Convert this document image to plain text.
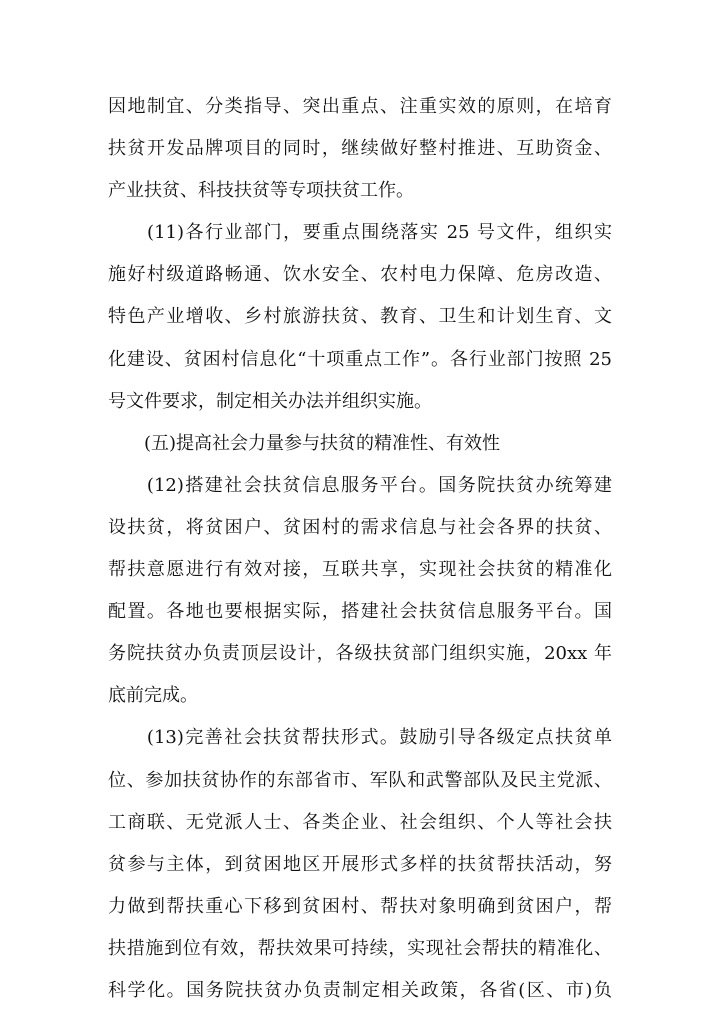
因地制宜、分类指导、突出重点、注重实效的原则，在培育
扶贫开发品牌项目的同时，继续做好整村推进、互助资金、
产业扶贫、科技扶贫等专项扶贫工作。
　　(11)各行业部门，要重点围绕落实 25 号文件，组织实
施好村级道路畅通、饮水安全、农村电力保障、危房改造、
特色产业增收、乡村旅游扶贫、教育、卫生和计划生育、文
化建设、贫困村信息化“十项重点工作”。各行业部门按照 25
号文件要求，制定相关办法并组织实施。
　　(五)提高社会力量参与扶贫的精准性、有效性
　　(12)搭建社会扶贫信息服务平台。国务院扶贫办统筹建
设扶贫，将贫困户、贫困村的需求信息与社会各界的扶贫、
帮扶意愿进行有效对接，互联共享，实现社会扶贫的精准化
配置。各地也要根据实际，搭建社会扶贫信息服务平台。国
务院扶贫办负责顶层设计，各级扶贫部门组织实施，20xx 年
底前完成。
　　(13)完善社会扶贫帮扶形式。鼓励引导各级定点扶贫单
位、参加扶贫协作的东部省市、军队和武警部队及民主党派、
工商联、无党派人士、各类企业、社会组织、个人等社会扶
贫参与主体，到贫困地区开展形式多样的扶贫帮扶活动，努
力做到帮扶重心下移到贫困村、帮扶对象明确到贫困户，帮
扶措施到位有效，帮扶效果可持续，实现社会帮扶的精准化、
科学化。国务院扶贫办负责制定相关政策，各省(区、市)负
